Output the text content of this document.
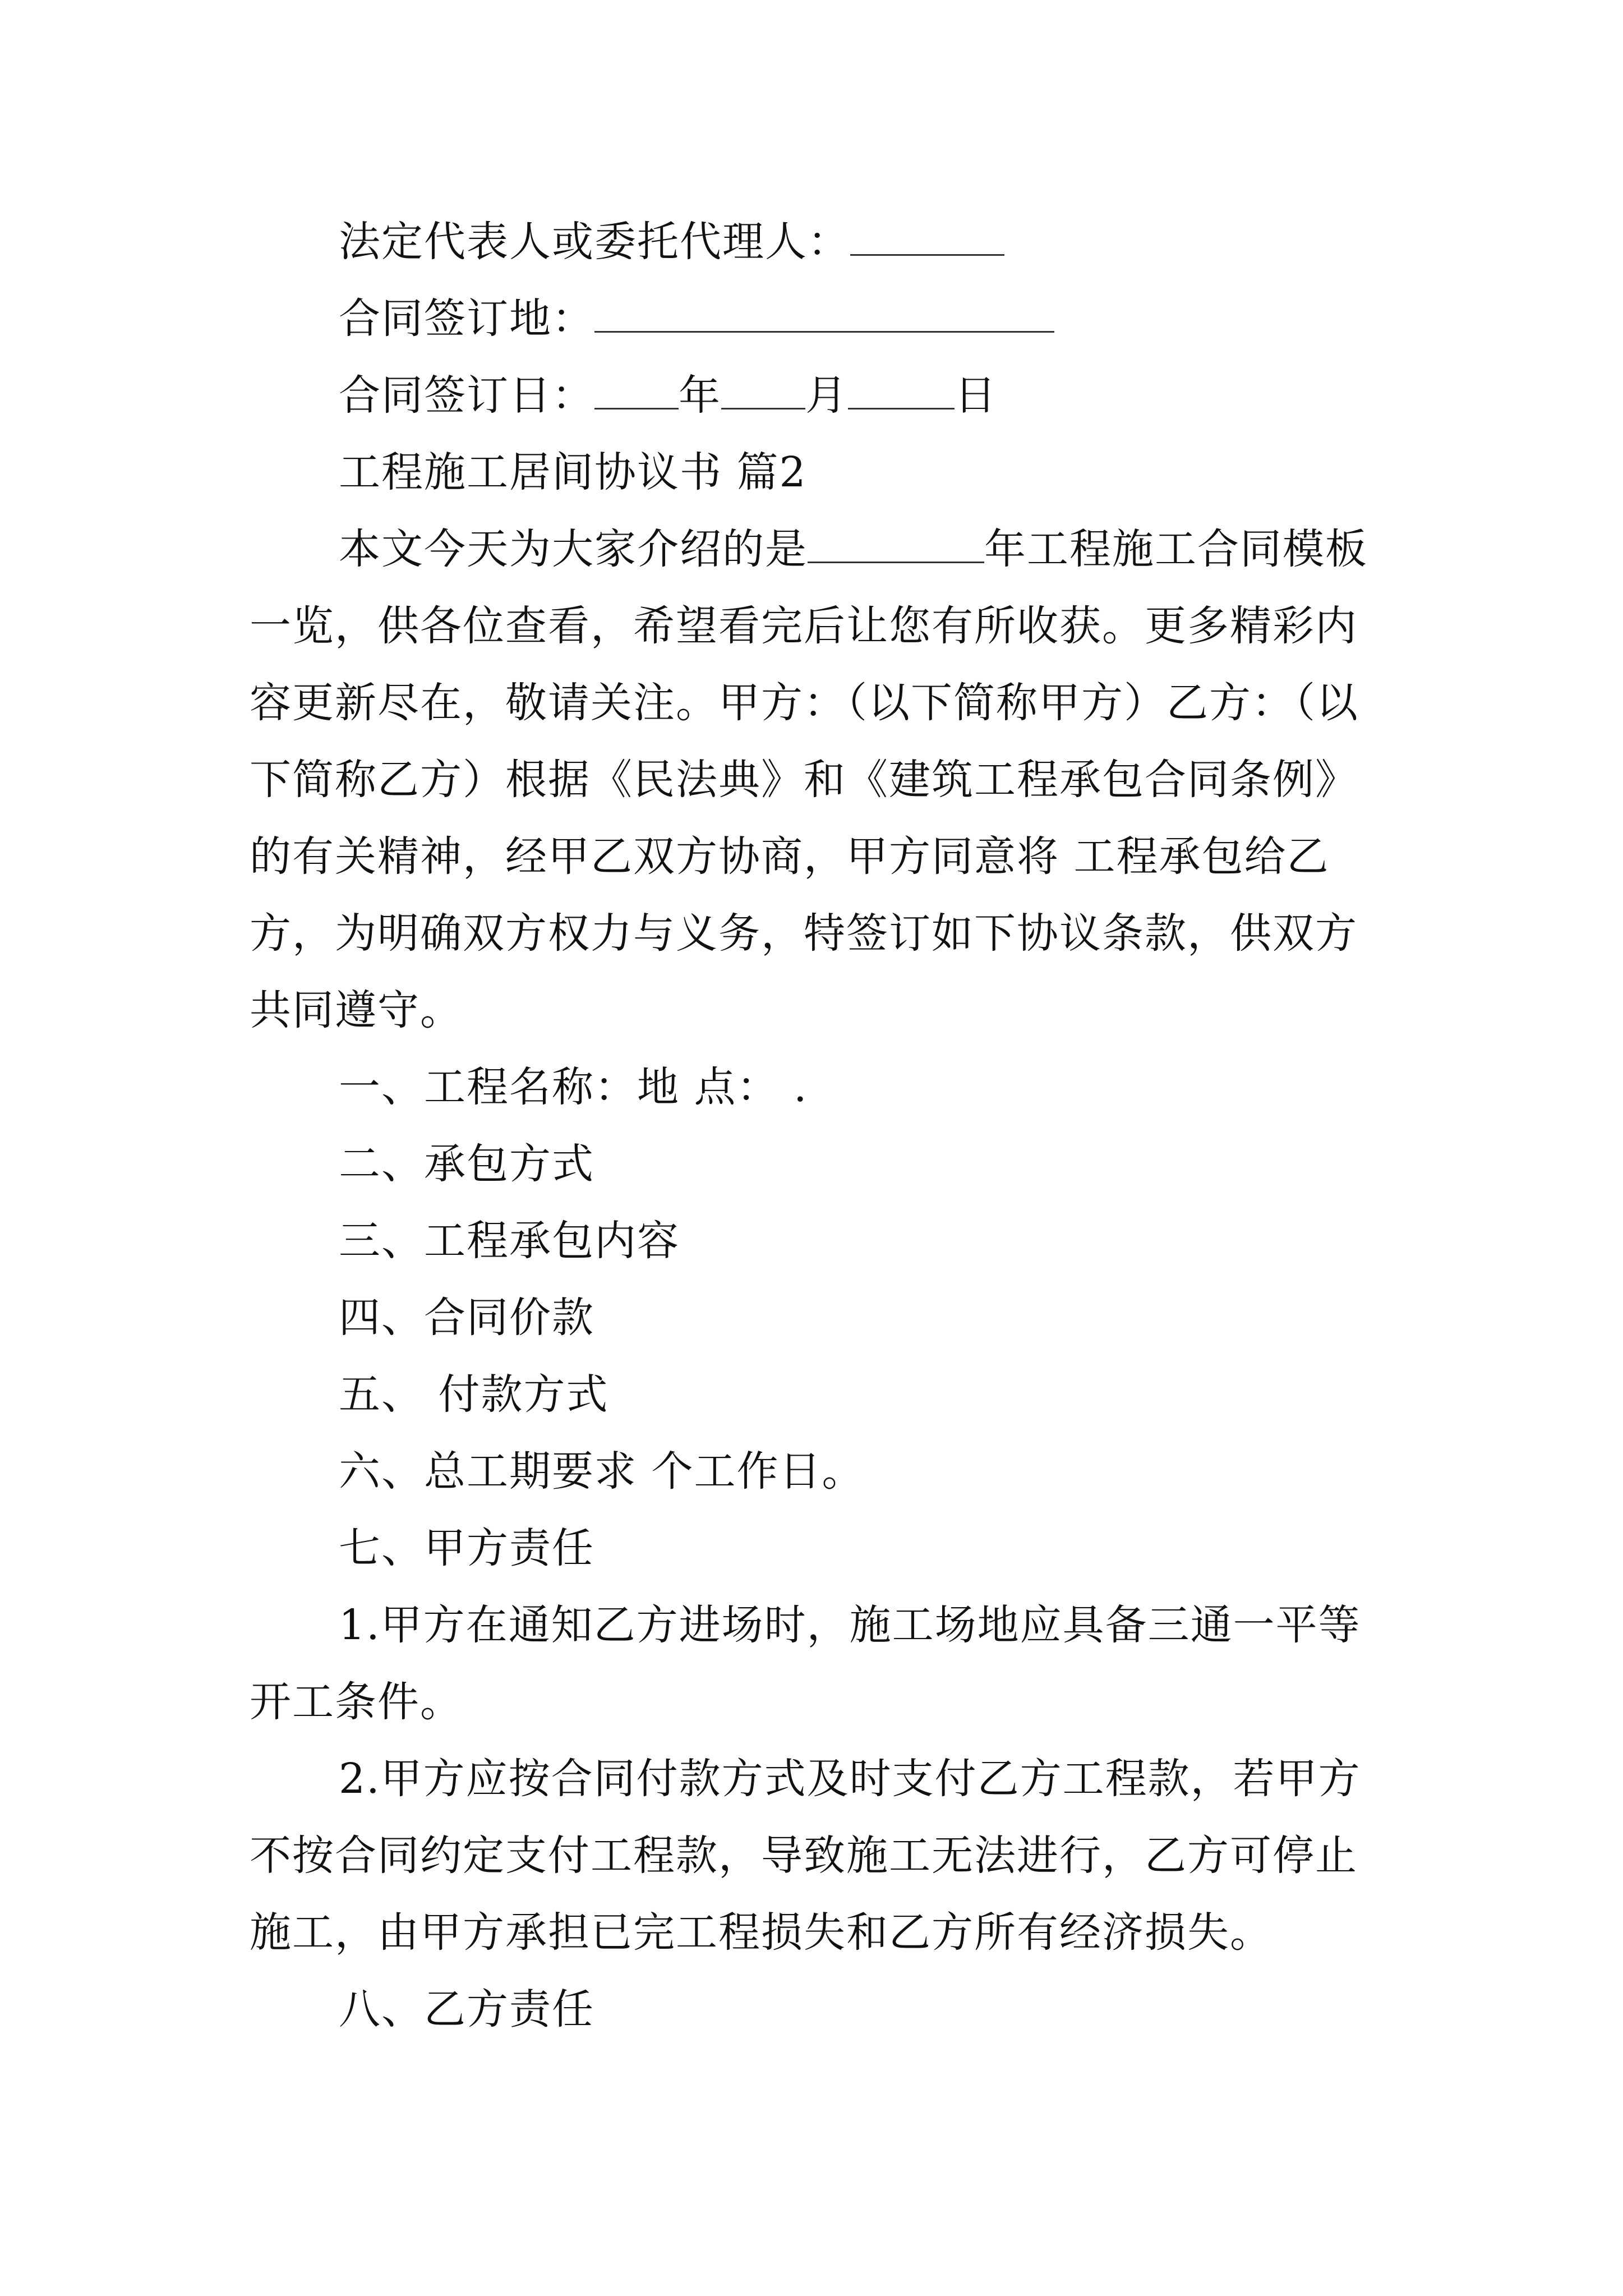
法定代表人或委托代理人：
合同签订地：
合同签订日： 年 月	日
工程施工居间协议书 篇2
本文今天为大家介绍的是	年工程施工合同模板
一览，供各位查看，希望看完后让您有所收获。更多精彩内
容更新尽在，敬请关注。甲方：（以下简称甲方）乙方：（以
下简称乙方）根据《民法典》和《建筑工程承包合同条例》
的有关精神，经甲乙双方协商，甲方同意将 工程承包给乙
方，为明确双方权力与义务，特签订如下协议条款，供双方
共同遵守。
一、工程名称：地 点： .
二、承包方式
三、工程承包内容
四、合同价款
五、 付款方式
六、总工期要求 个工作日。
七、甲方责任
1.甲方在通知乙方进场时，施工场地应具备三通一平等
开工条件。
2.甲方应按合同付款方式及时支付乙方工程款，若甲方
不按合同约定支付工程款，导致施工无法进行，乙方可停止
施工，由甲方承担已完工程损失和乙方所有经济损失。
八、乙方责任
